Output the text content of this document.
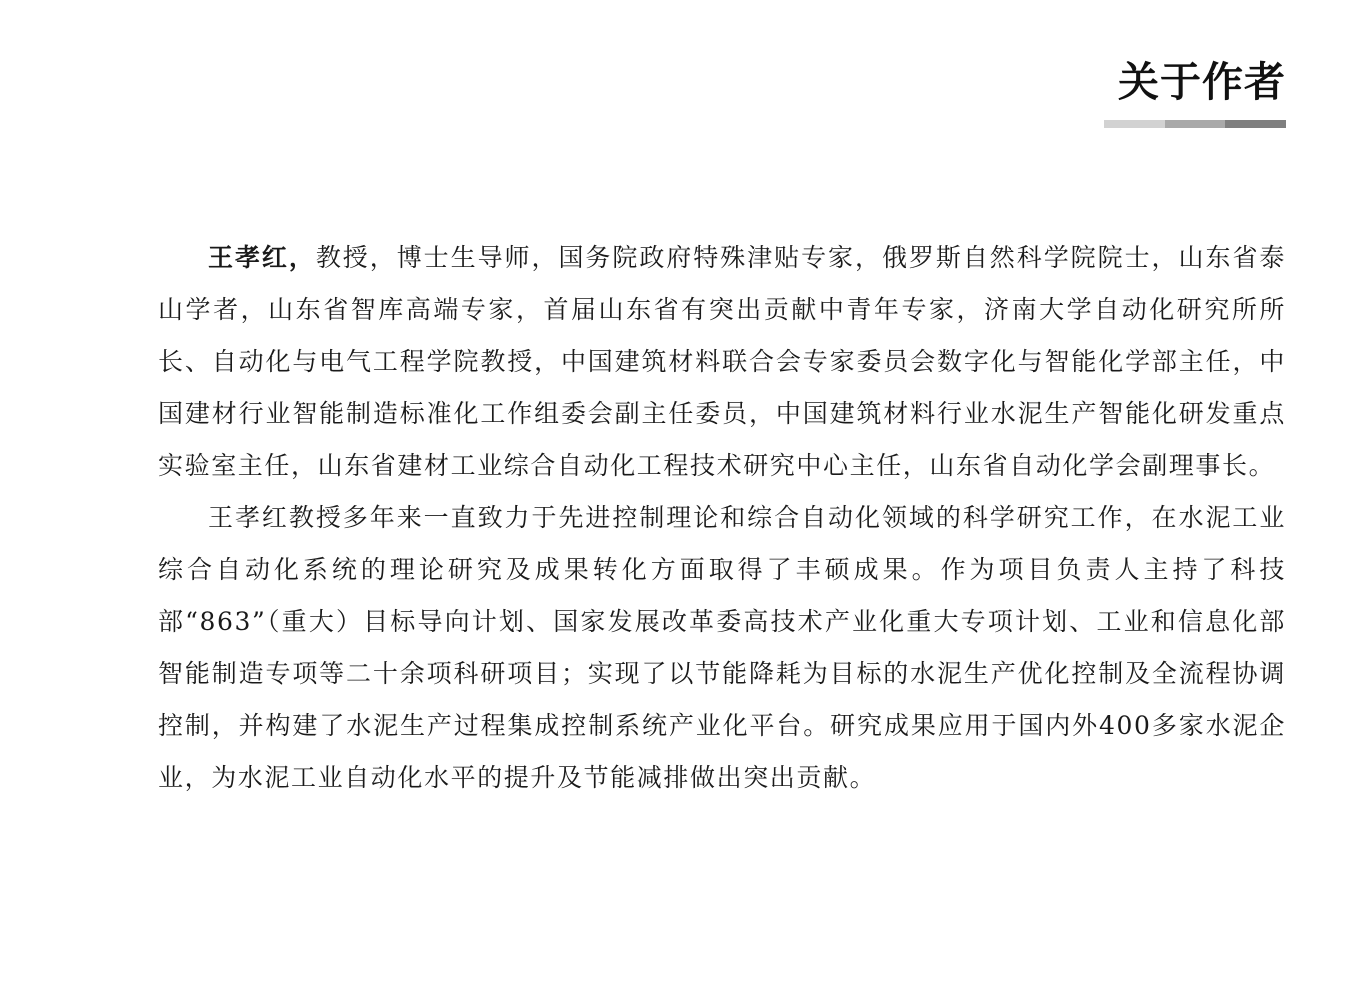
关于作者

王孝红，教授，博士生导师，国务院政府特殊津贴专家，俄罗斯自然科学院院士，山东省泰山学者，山东省智库高端专家，首届山东省有突出贡献中青年专家，济南大学自动化研究所所长、自动化与电气工程学院教授，中国建筑材料联合会专家委员会数字化与智能化学部主任，中国建材行业智能制造标准化工作组委会副主任委员，中国建筑材料行业水泥生产智能化研发重点实验室主任，山东省建材工业综合自动化工程技术研究中心主任，山东省自动化学会副理事长。

王孝红教授多年来一直致力于先进控制理论和综合自动化领域的科学研究工作，在水泥工业综合自动化系统的理论研究及成果转化方面取得了丰硕成果。作为项目负责人主持了科技部“863”（重大）目标导向计划、国家发展改革委高技术产业化重大专项计划、工业和信息化部智能制造专项等二十余项科研项目；实现了以节能降耗为目标的水泥生产优化控制及全流程协调控制，并构建了水泥生产过程集成控制系统产业化平台。研究成果应用于国内外400多家水泥企业，为水泥工业自动化水平的提升及节能减排做出突出贡献。
